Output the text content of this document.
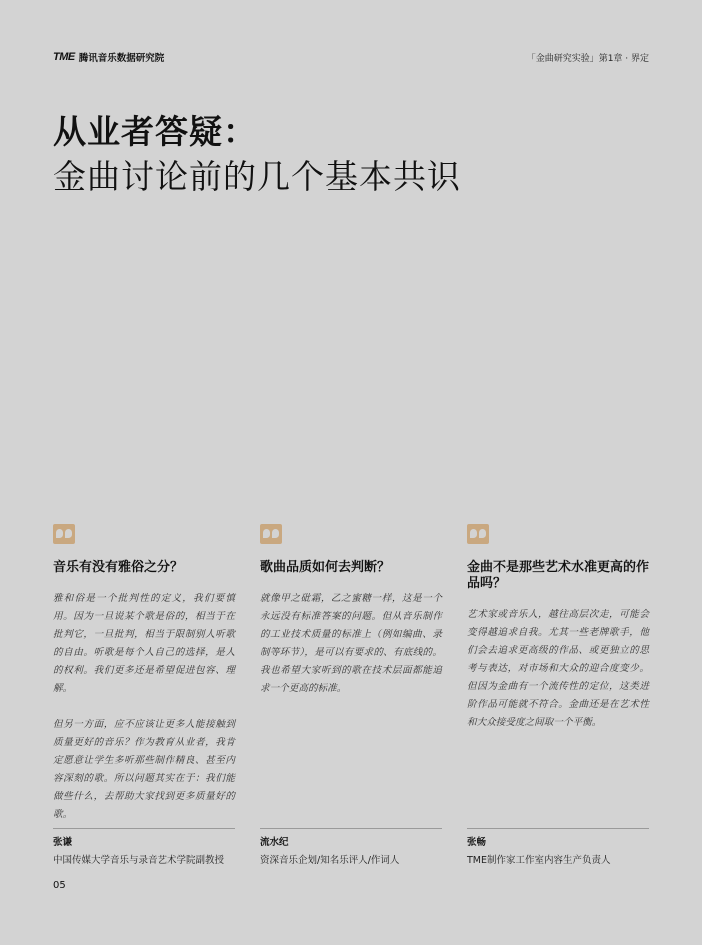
TME 腾讯音乐数据研究院	「金曲研究实验」第1章 · 界定
从业者答疑：
金曲讨论前的几个基本共识
音乐有没有雅俗之分？

雅和俗是一个批判性的定义，我们要慎用。因为一旦说某个歌是俗的，相当于在批判它，一旦批判，相当于限制别人听歌的自由。听歌是每个人自己的选择，是人的权利。我们更多还是希望促进包容、理解。

但另一方面，应不应该让更多人能接触到质量更好的音乐？作为教育从业者，我肯定愿意让学生多听那些制作精良、甚至内容深刻的歌。所以问题其实在于：我们能做些什么，去帮助大家找到更多质量好的歌。

歌曲品质如何去判断？

就像甲之砒霜，乙之蜜糖一样，这是一个永远没有标准答案的问题。但从音乐制作的工业技术质量的标准上（例如编曲、录制等环节），是可以有要求的、有底线的。我也希望大家听到的歌在技术层面都能追求一个更高的标准。

金曲不是那些艺术水准更高的作品吗？

艺术家或音乐人，越往高层次走，可能会变得越追求自我。尤其一些老牌歌手，他们会去追求更高级的作品、或更独立的思考与表达，对市场和大众的迎合度变少。但因为金曲有一个流传性的定位，这类进阶作品可能就不符合。金曲还是在艺术性和大众接受度之间取一个平衡。

张谦
中国传媒大学音乐与录音艺术学院副教授
流水纪
资深音乐企划/知名乐评人/作词人
张畅
TME制作家工作室内容生产负责人
05
